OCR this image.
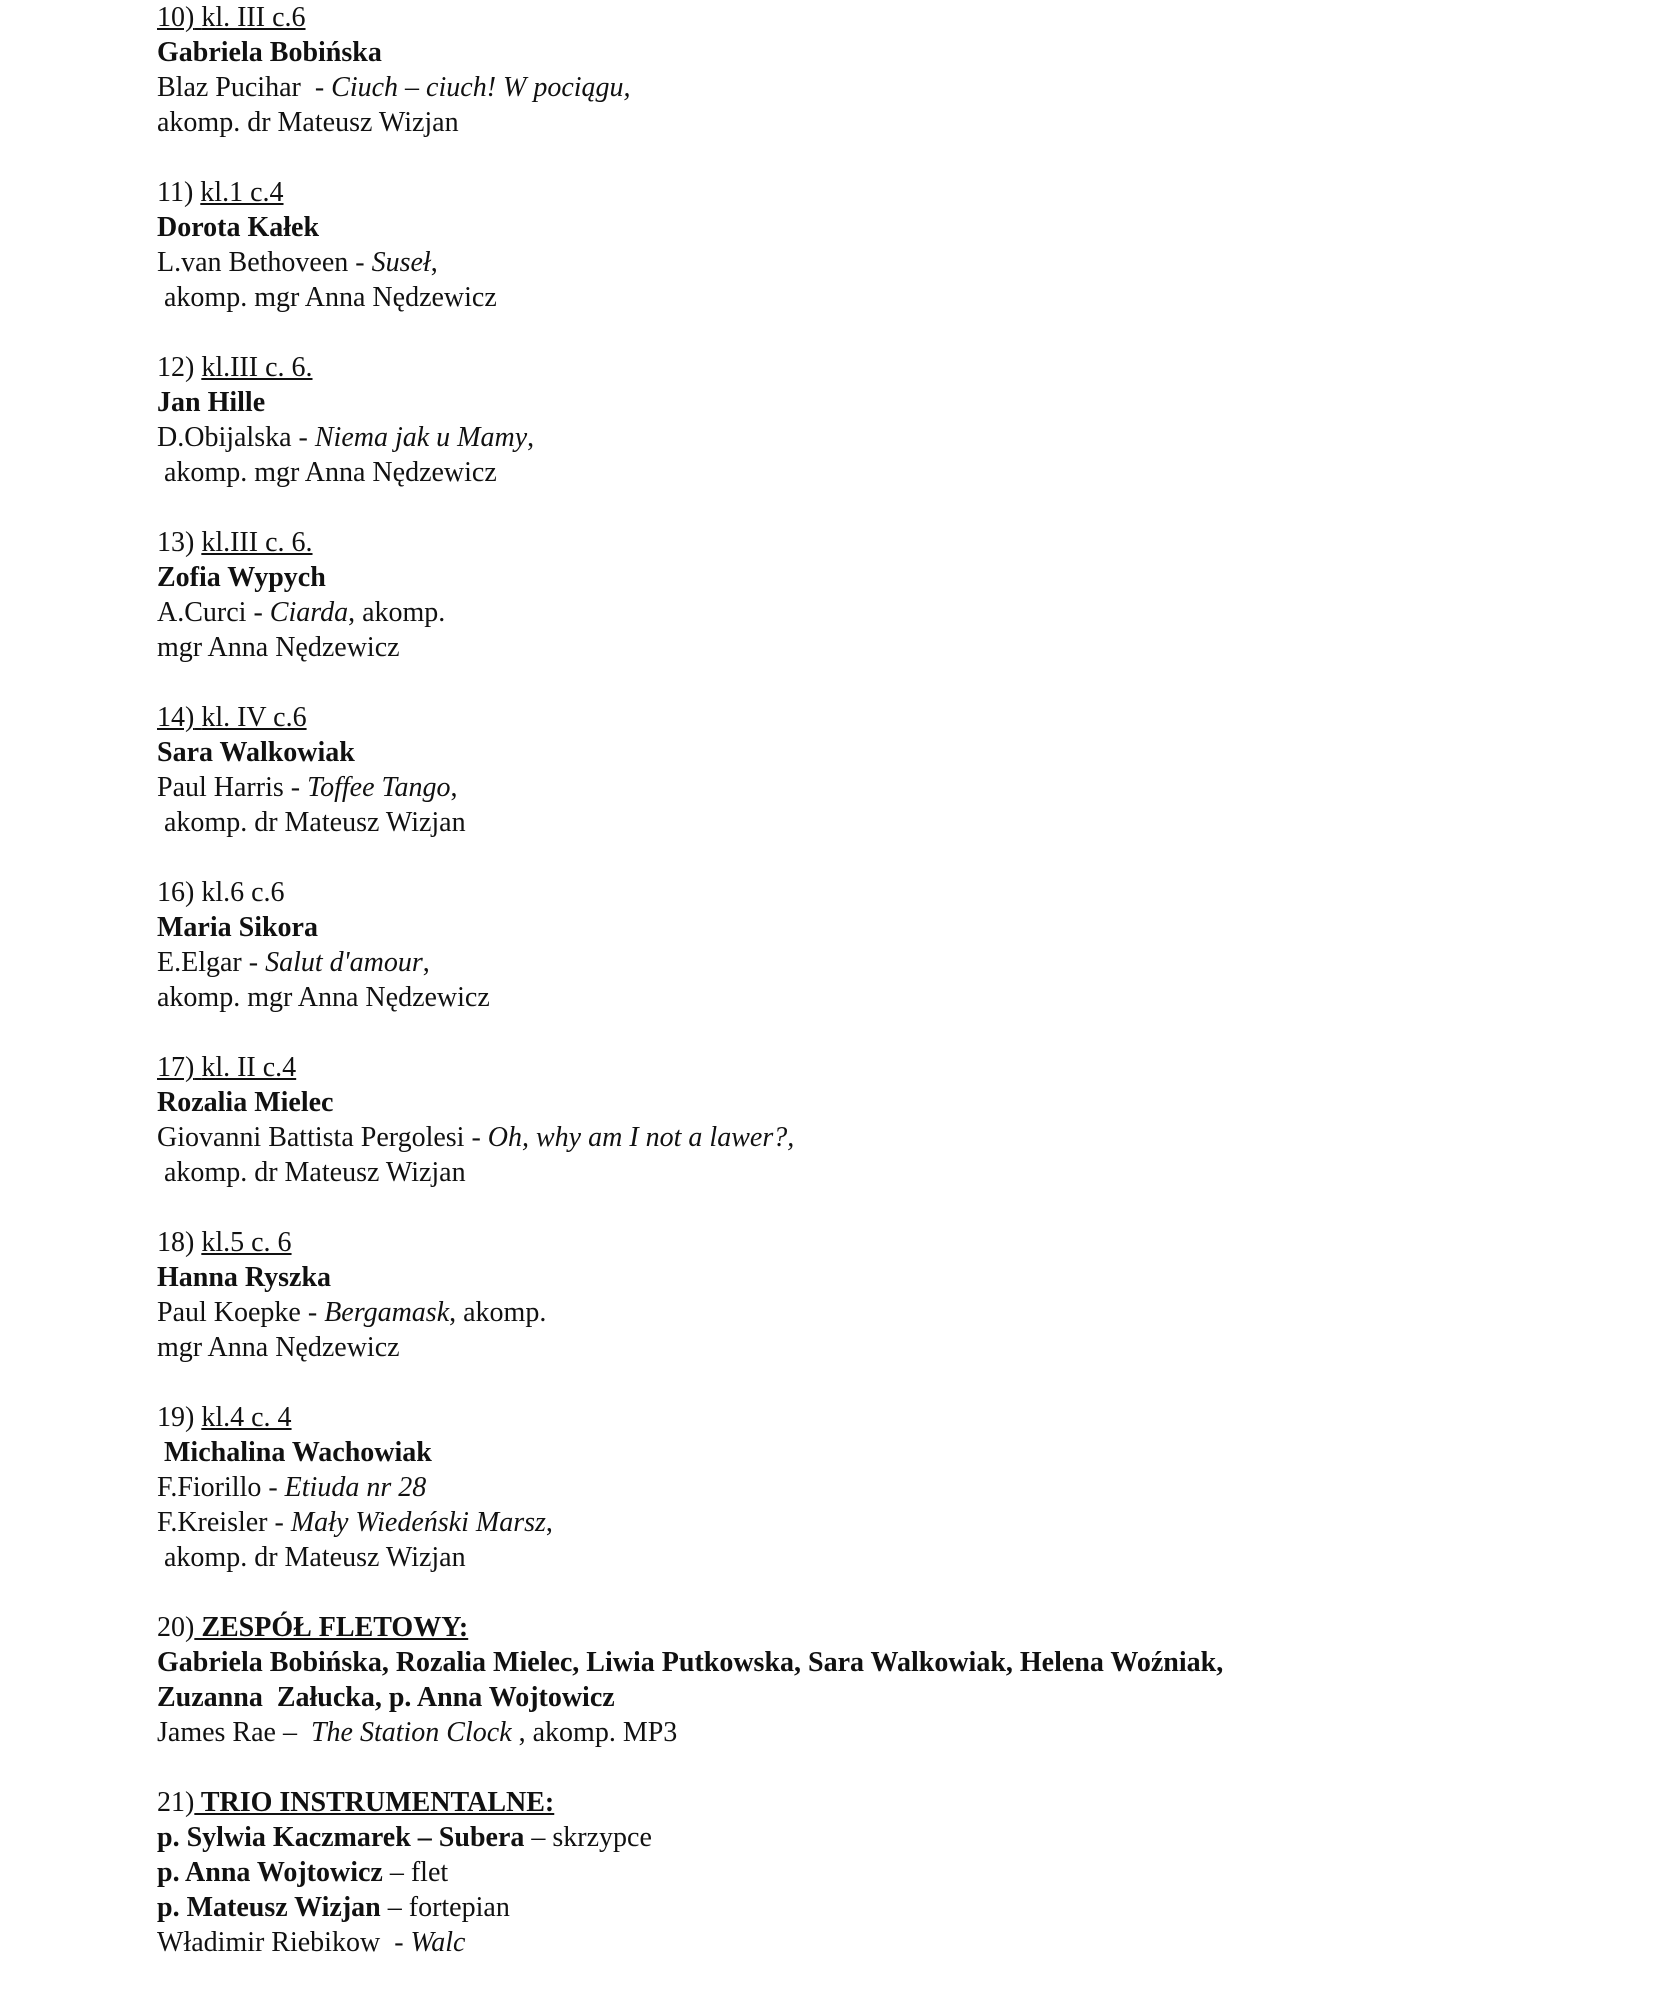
10) kl. III c.6
Gabriela Bobińska
Blaz Pucihar  - Ciuch – ciuch! W pociągu,
akomp. dr Mateusz Wizjan
11) kl.1 c.4
Dorota Kałek
L.van Bethoveen - Suseł,
akomp. mgr Anna Nędzewicz
12) kl.III c. 6.
Jan Hille
D.Obijalska - Niema jak u Mamy,
akomp. mgr Anna Nędzewicz
13) kl.III c. 6.
Zofia Wypych
A.Curci - Ciarda, akomp.
mgr Anna Nędzewicz
14) kl. IV c.6
Sara Walkowiak
Paul Harris - Toffee Tango,
akomp. dr Mateusz Wizjan
16) kl.6 c.6
Maria Sikora
E.Elgar - Salut d'amour,
akomp. mgr Anna Nędzewicz
17) kl. II c.4
Rozalia Mielec
Giovanni Battista Pergolesi - Oh, why am I not a lawer?,
akomp. dr Mateusz Wizjan
18) kl.5 c. 6
Hanna Ryszka
Paul Koepke - Bergamask, akomp.
mgr Anna Nędzewicz
19) kl.4 c. 4
Michalina Wachowiak
F.Fiorillo - Etiuda nr 28
F.Kreisler - Mały Wiedeński Marsz,
akomp. dr Mateusz Wizjan
20) ZESPÓŁ FLETOWY:
Gabriela Bobińska, Rozalia Mielec, Liwia Putkowska, Sara Walkowiak, Helena Woźniak,
Zuzanna  Załucka, p. Anna Wojtowicz
James Rae –  The Station Clock , akomp. MP3
21) TRIO INSTRUMENTALNE:
p. Sylwia Kaczmarek – Subera – skrzypce
p. Anna Wojtowicz – flet
p. Mateusz Wizjan – fortepian
Władimir Riebikow  - Walc
